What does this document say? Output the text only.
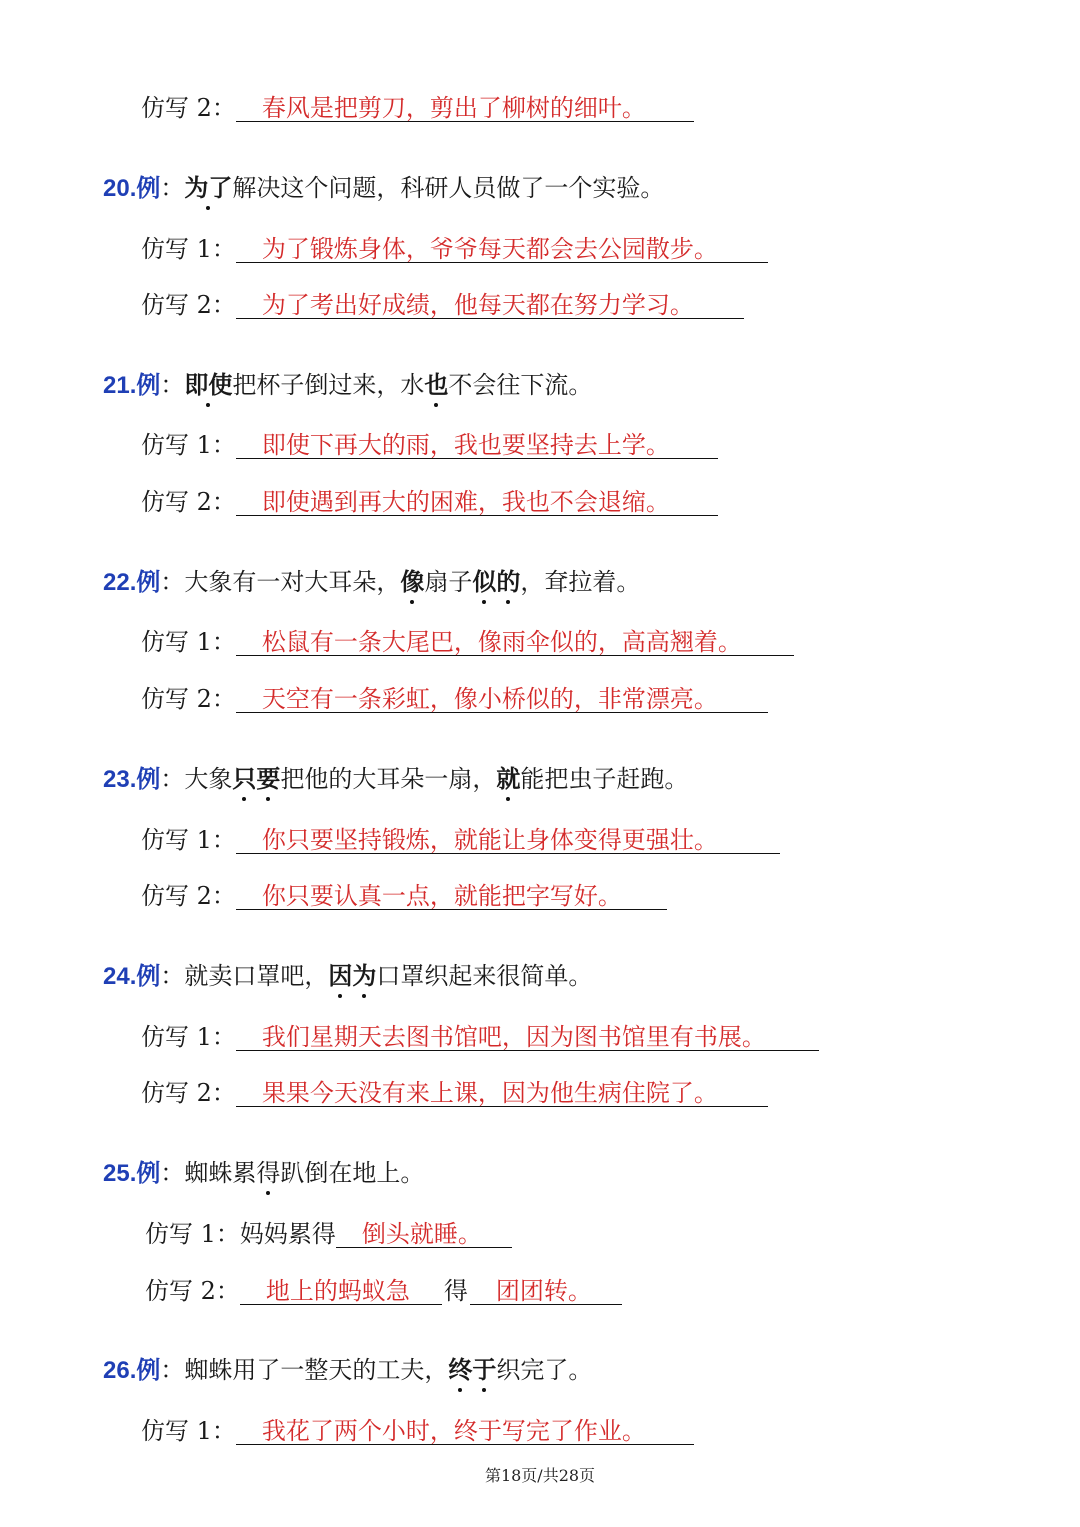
仿写 2： 春风是把剪刀，剪出了柳树的细叶。
20.例：为了
解决这个问题，科研人员做了一个实验。
仿写 1： 为了锻炼身体，爷爷每天都会去公园散步。
仿写 2： 为了考出好成绩，他每天都在努力学习。
21.例：即使
把杯子倒过来，水也
不会往下流。
仿写 1： 即使下再大的雨，我也要坚持去上学。
仿写 2： 即使遇到再大的困难，我也不会退缩。
22.例：大象有一对大耳朵，像
扇子似的
，耷拉着。
仿写 1： 松鼠有一条大尾巴，像雨伞似的，高高翘着。
仿写 2： 天空有一条彩虹，像小桥似的，非常漂亮。
23.例：大象只要
把他的大耳朵一扇，就
能把虫子赶跑。
仿写 1： 你只要坚持锻炼，就能让身体变得更强壮。
仿写 2： 你只要认真一点，就能把字写好。
24.例：就卖口罩吧，因为
口罩织起来很简单。
仿写 1： 我们星期天去图书馆吧，因为图书馆里有书展。
仿写 2： 果果今天没有来上课，因为他生病住院了。
25.例：蜘蛛累得
趴倒在地上。
仿写 1：妈妈累得 倒头就睡。
仿写 2： 地上的蚂蚁急 得 团团转。
26.例：蜘蛛用了一整天的工夫，终于
织完了。
仿写 1： 我花了两个小时，终于写完了作业。
第18页/共28页
